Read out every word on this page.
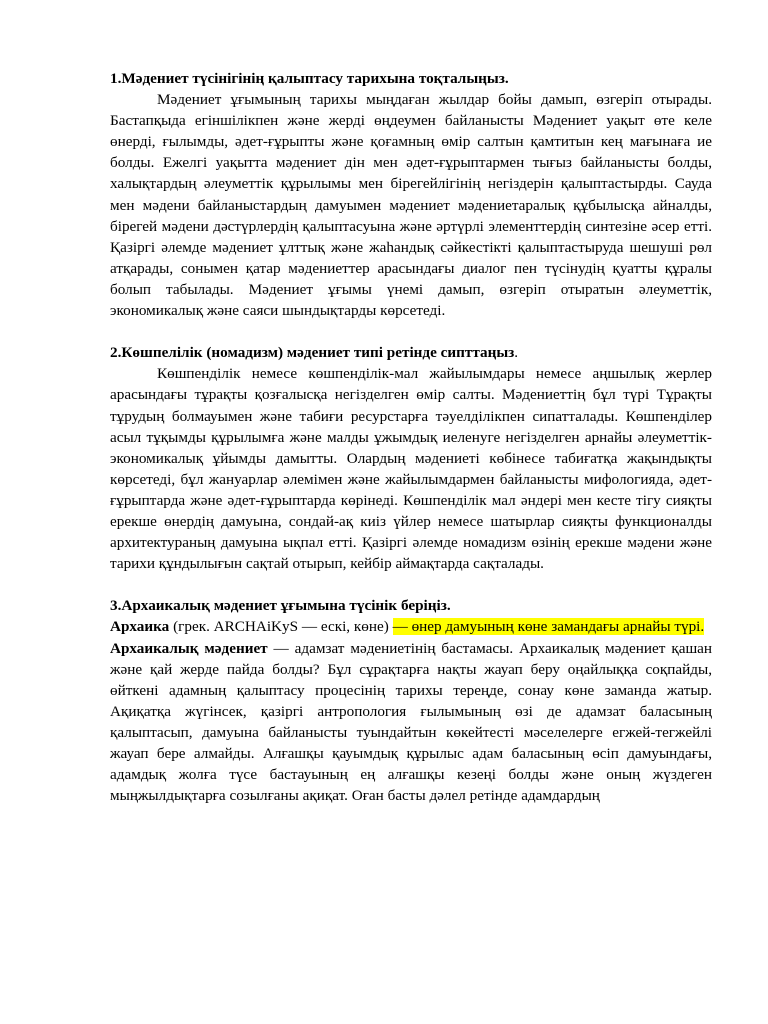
1.Мәдениет түсінігінің қалыптасу тарихына тоқталыңыз.

Мәдениет ұғымының тарихы мыңдаған жылдар бойы дамып, өзгеріп отырады. Бастапқыда егіншілікпен және жерді өңдеумен байланысты Мәдениет уақыт өте келе өнерді, ғылымды, әдет-ғұрыпты және қоғамның өмір салтын қамтитын кең мағынаға ие болды. Ежелгі уақытта мәдениет дін мен әдет-ғұрыптармен тығыз байланысты болды, халықтардың әлеуметтік құрылымы мен бірегейлігінің негіздерін қалыптастырды. Сауда мен мәдени байланыстардың дамуымен мәдениет мәдениетаралық құбылысқа айналды, бірегей мәдени дәстүрлердің қалыптасуына және әртүрлі элементтердің синтезіне әсер етті. Қазіргі әлемде мәдениет ұлттық және жаһандық сәйкестікті қалыптастыруда шешуші рөл атқарады, сонымен қатар мәдениеттер арасындағы диалог пен түсінудің қуатты құралы болып табылады. Мәдениет ұғымы үнемі дамып, өзгеріп отыратын әлеуметтік, экономикалық және саяси шындықтарды көрсетеді.

2.Көшпелілік (номадизм) мәдениет типі ретінде сипттаңыз.

Көшпенділік немесе көшпенділік-мал жайылымдары немесе аңшылық жерлер арасындағы тұрақты қозғалысқа негізделген өмір салты. Мәдениеттің бұл түрі Тұрақты тұрудың болмауымен және табиғи ресурстарға тәуелділікпен сипатталады. Көшпенділер асыл тұқымды құрылымға және малды ұжымдық иеленуге негізделген арнайы әлеуметтік-экономикалық ұйымды дамытты. Олардың мәдениеті көбінесе табиғатқа жақындықты көрсетеді, бұл жануарлар әлемімен және жайылымдармен байланысты мифологияда, әдет-ғұрыптарда және әдет-ғұрыптарда көрінеді. Көшпенділік мал әндері мен кесте тігу сияқты ерекше өнердің дамуына, сондай-ақ киіз үйлер немесе шатырлар сияқты функционалды архитектураның дамуына ықпал етті. Қазіргі әлемде номадизм өзінің ерекше мәдени және тарихи құндылығын сақтай отырып, кейбір аймақтарда сақталады.

3.Архаикалық мәдениет ұғымына түсінік беріңіз.

Архаика (грек. ARCHAiKyS — ескі, көне) — өнер дамуының көне замандағы арнайы түрі.

Архаикалық мәдениет — адамзат мәдениетінің бастамасы. Архаикалық мәдениет қашан және қай жерде пайда болды? Бұл сұрақтарға нақты жауап беру оңайлыққа соқпайды, өйткені адамның қалыптасу процесінің тарихы тереңде, сонау көне заманда жатыр. Ақиқатқа жүгінсек, қазіргі антропология ғылымының өзі де адамзат баласының қалыптасып, дамуына байланысты туындайтын көкейтесті мәселелерге егжей-тегжейлі жауап бере алмайды. Алғашқы қауымдық құрылыс адам баласының өсіп дамуындағы, адамдық жолға түсе бастауының ең алғашқы кезеңі болды және оның жүздеген мыңжылдықтарға созылғаны ақиқат. Оған басты дәлел ретінде адамдардың
